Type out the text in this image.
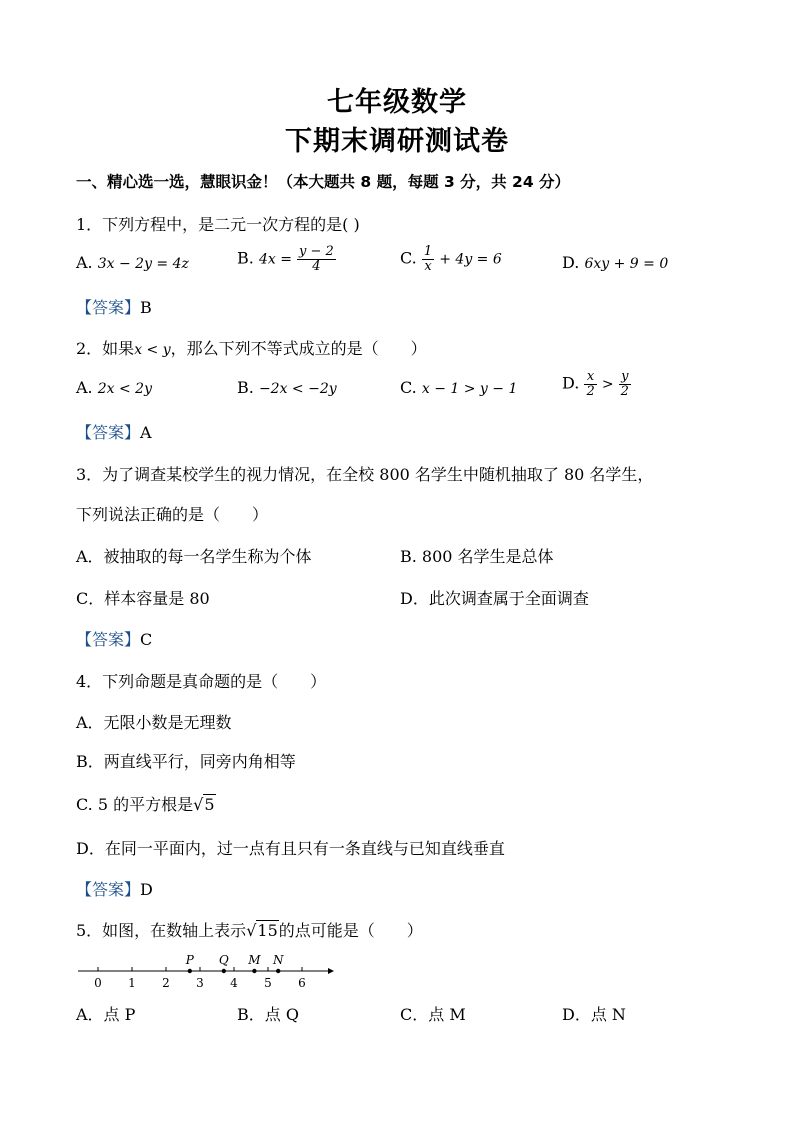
七年级数学
下期末调研测试卷
一、精心选一选，慧眼识金！（本大题共 8 题，每题 3 分，共 24 分）
1．下列方程中，是二元一次方程的是( )
A. 3x − 2y = 4z	B. $4x = \frac{y - 2}{4}$	C. $\frac{1}{x} + 4y = 6$	D. 6xy + 9 = 0
【答案】B
2．如果x < y，那么下列不等式成立的是（　　）
A. 2x < 2y	B. −2x < −2y	C. x − 1 > y − 1	D. $\frac{x}{2} > \frac{y}{2}$
【答案】A
3．为了调查某校学生的视力情况，在全校 800 名学生中随机抽取了 80 名学生，
下列说法正确的是（　　）
A．被抽取的每一名学生称为个体	B. 800 名学生是总体
C．样本容量是 80	D．此次调查属于全面调查
【答案】C
4．下列命题是真命题的是（　　）
A．无限小数是无理数
B．两直线平行，同旁内角相等
C. 5 的平方根是√5
D．在同一平面内，过一点有且只有一条直线与已知直线垂直
【答案】D
5．如图，在数轴上表示√15的点可能是（　　）
0 1 2 3 4 5 6
P Q M N
A．点 P	B．点 Q	C．点 M	D．点 N
